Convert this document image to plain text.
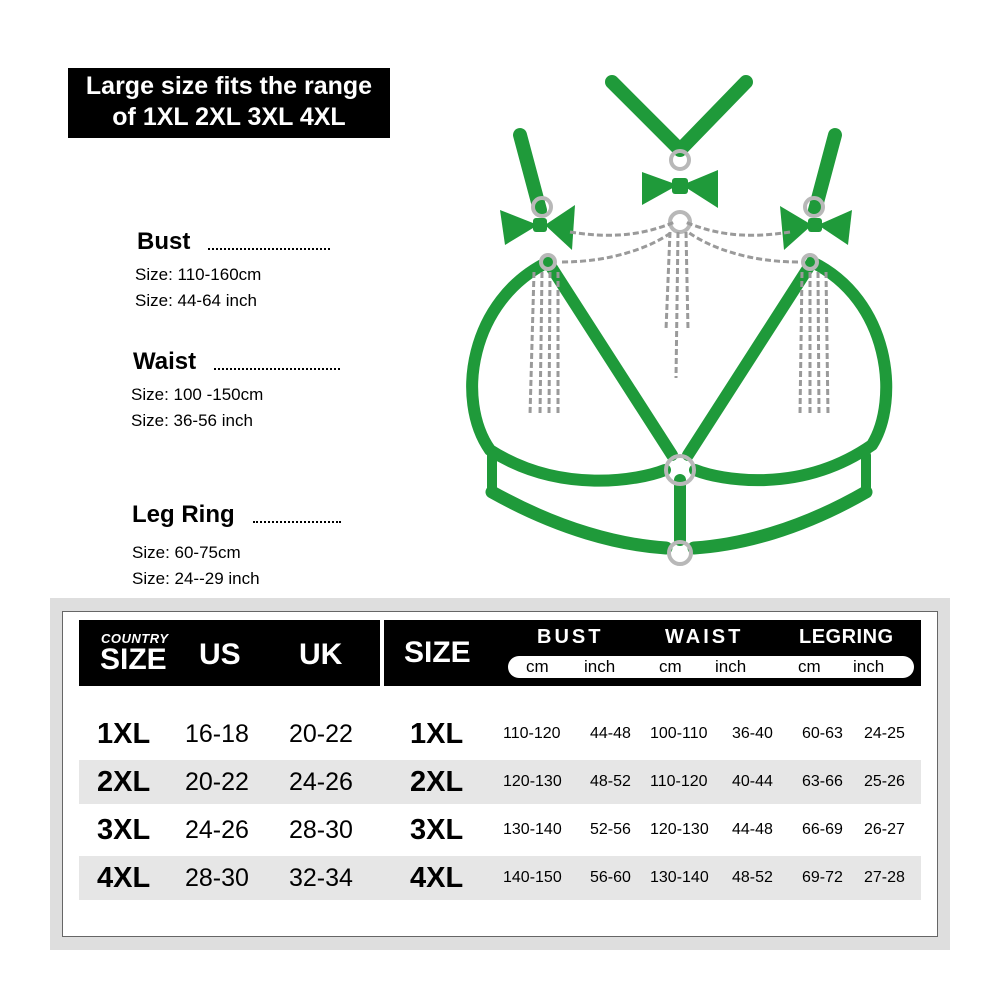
Large size fits the range
of 1XL 2XL 3XL 4XL
Bust
Size: 110-160cm
Size: 44-64 inch
Waist
Size: 100 -150cm
Size: 36-56 inch
Leg Ring
Size: 60-75cm
Size: 24--29 inch
COUNTRY
SIZE US UK SIZE	BUST	WAIST	LEGRING
cm inch	cm inch	cm inch
1XL 16-18 20-22 1XL 110-120 44-48 100-110 36-40 60-63 24-25
2XL 20-22 24-26 2XL 120-130 48-52 110-120 40-44 63-66 25-26
3XL 24-26 28-30 3XL 130-140 52-56 120-130 44-48 66-69 26-27
4XL 28-30 32-34 4XL 140-150 56-60 130-140 48-52 69-72 27-28
